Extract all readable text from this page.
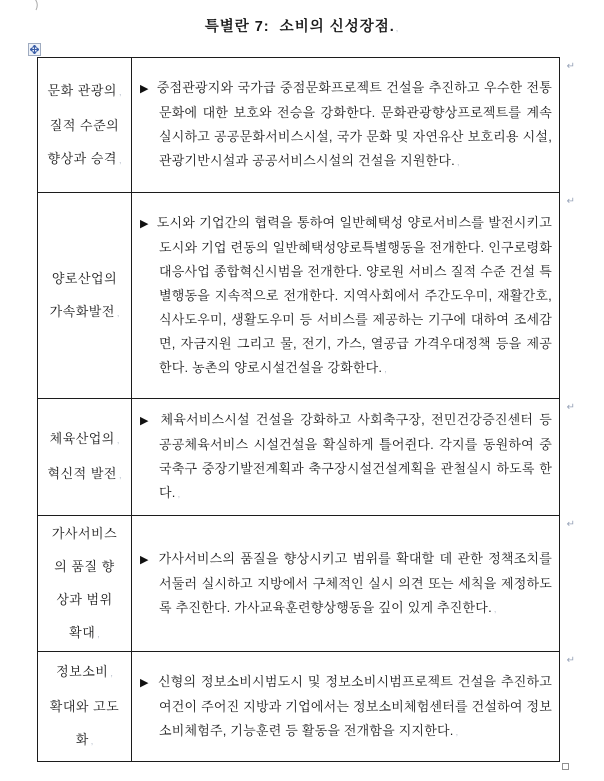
특별란 7:  소비의 신성장점.,
문화 관광의 ,
질적 수준의
향상과 승격 ,

▶ 중점관광지와 국가급 중점문화프로젝트 건설을 추진하고 우수한 전통문화에 대한 보호와 전승을 강화한다. 문화관광향상프로젝트를 계속 실시하고 공공문화서비스시설, 국가 문화 및 자연유산 보호리용 시설, 관광기반시설과 공공서비스시설의 건설을 지원한다. ,

↵
양로산업의
가속화발전 ,

▶ 도시와 기업간의 협력을 통하여 일반혜택성 양로서비스를 발전시키고 도시와 기업 련동의 일반혜택성양로특별행동을 전개한다. 인구로령화대응사업 종합혁신시범을 전개한다. 양로원 서비스 질적 수준 건설 특별행동을 지속적으로 전개한다. 지역사회에서 주간도우미, 재활간호, 식사도우미, 생활도우미 등 서비스를 제공하는 기구에 대하여 조세감면, 자금지원 그리고 물, 전기, 가스, 열공급 가격우대정책 등을 제공한다. 농촌의 양로시설건설을 강화한다. ,

↵
체육산업의 ,
혁신적 발전 ,

▶ 체육서비스시설 건설을 강화하고 사회축구장, 전민건강증진센터 등 공공체육서비스 시설건설을 확실하게 틀어쥔다. 각지를 동원하여 중국축구 중장기발전계획과 축구장시설건설계획을 관철실시 하도록 한다. ,

↵
가사서비스
의 품질 향
상과 범위
확대 ,

▶ 가사서비스의 품질을 향상시키고 범위를 확대할 데 관한 정책조치를 서둘러 실시하고 지방에서 구체적인 실시 의견 또는 세칙을 제정하도록 추진한다. 가사교육훈련향상행동을 깊이 있게 추진한다. ,

↵
정보소비 ,
확대와 고도
화 ,

▶ 신형의 정보소비시범도시 및 정보소비시범프로젝트 건설을 추진하고 여건이 주어진 지방과 기업에서는 정보소비체험센터를 건설하여 정보소비체험주, 기능훈련 등 활동을 전개함을 지지한다. ,

↵
